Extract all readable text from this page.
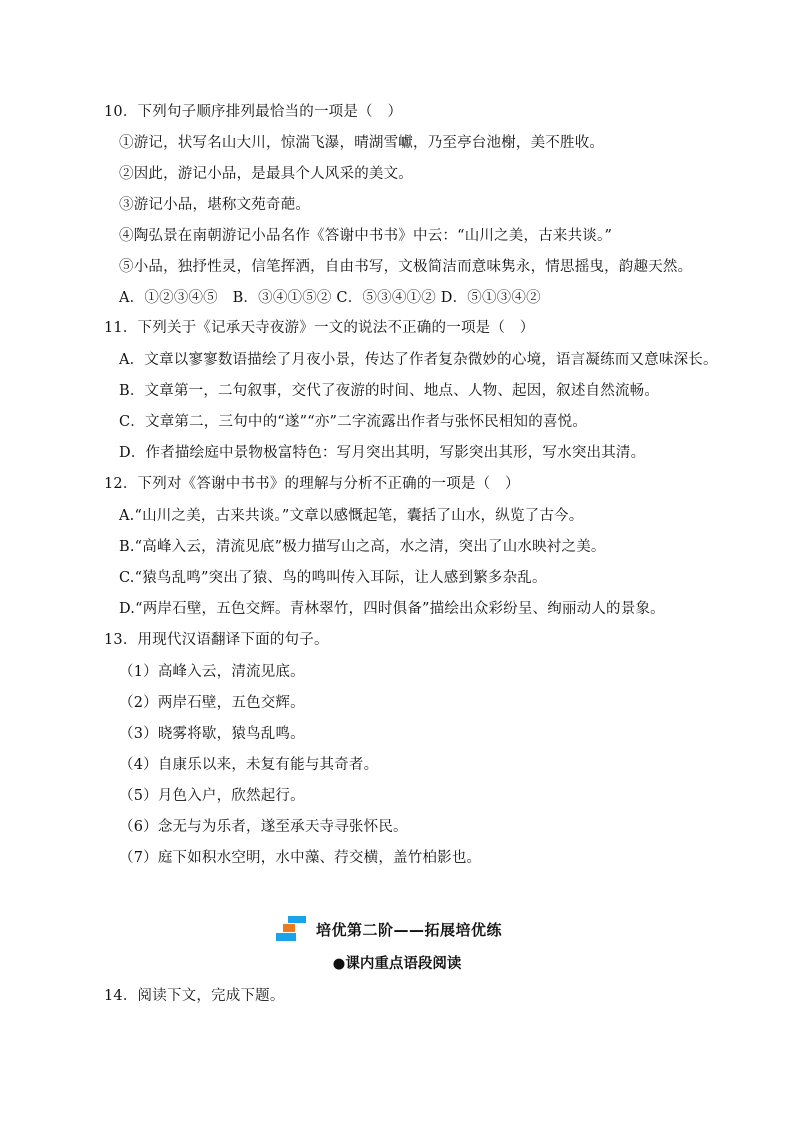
10．下列句子顺序排列最恰当的一项是（　）
①游记，状写名山大川，惊湍飞瀑，晴湖雪巘，乃至亭台池榭，美不胜收。
②因此，游记小品，是最具个人风采的美文。
③游记小品，堪称文苑奇葩。
④陶弘景在南朝游记小品名作《答谢中书书》中云：“山川之美，古来共谈。”
⑤小品，独抒性灵，信笔挥洒，自由书写，文极简洁而意味隽永，情思摇曳，韵趣天然。
A．①②③④⑤　B．③④①⑤② C．⑤③④①② D．⑤①③④②
11．下列关于《记承天寺夜游》一文的说法不正确的一项是（　）
A．文章以寥寥数语描绘了月夜小景，传达了作者复杂微妙的心境，语言凝练而又意味深长。
B．文章第一，二句叙事，交代了夜游的时间、地点、人物、起因，叙述自然流畅。
C．文章第二，三句中的“遂”“亦”二字流露出作者与张怀民相知的喜悦。
D．作者描绘庭中景物极富特色：写月突出其明，写影突出其形，写水突出其清。
12．下列对《答谢中书书》的理解与分析不正确的一项是（　）
A.“山川之美，古来共谈。”文章以感慨起笔，囊括了山水，纵览了古今。
B.“高峰入云，清流见底”极力描写山之高，水之清，突出了山水映衬之美。
C.“猿鸟乱鸣”突出了猿、鸟的鸣叫传入耳际，让人感到繁多杂乱。
D.“两岸石壁，五色交辉。青林翠竹，四时俱备”描绘出众彩纷呈、绚丽动人的景象。
13．用现代汉语翻译下面的句子。
（1）高峰入云，清流见底。
（2）两岸石壁，五色交辉。
（3）晓雾将歇，猿鸟乱鸣。
（4）自康乐以来，未复有能与其奇者。
（5）月色入户，欣然起行。
（6）念无与为乐者，遂至承天寺寻张怀民。
（7）庭下如积水空明，水中藻、荇交横，盖竹柏影也。
培优第二阶——拓展培优练
●课内重点语段阅读
14．阅读下文，完成下题。
